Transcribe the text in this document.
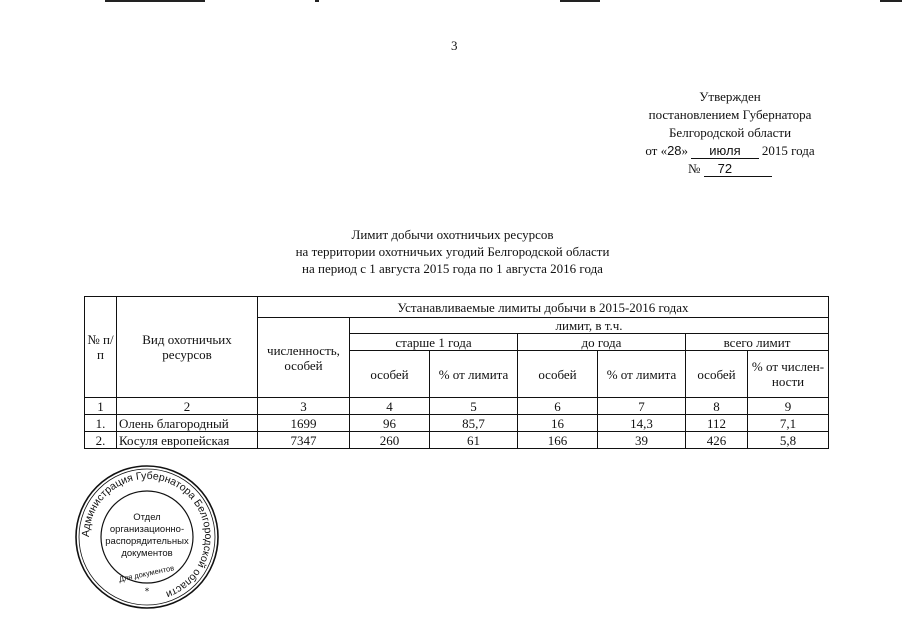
3
Утвержден
постановлением Губернатора
Белгородской области
от «28» июля 2015 года
№ 72
Лимит добычи охотничьих ресурсов
на территории охотничьих угодий Белгородской области
на период с 1 августа 2015 года по 1 августа 2016 года
№ п/п	Вид охотничьих ресурсов	Устанавливаемые лимиты добычи в 2015-2016 годах						
		численность, особей	лимит, в т.ч.					
			старше 1 года		до года		всего лимит	
			особей	% от лимита	особей	% от лимита	особей	% от числен-ности
1	2	3	4	5	6	7	8	9
1.	Олень благородный	1699	96	85,7	16	14,3	112	7,1
2.	Косуля европейская	7347	260	61	166	39	426	5,8
Администрация Губернатора Белгородской области
Отдел
организационно-
распорядительных
документов
Для документов
*
